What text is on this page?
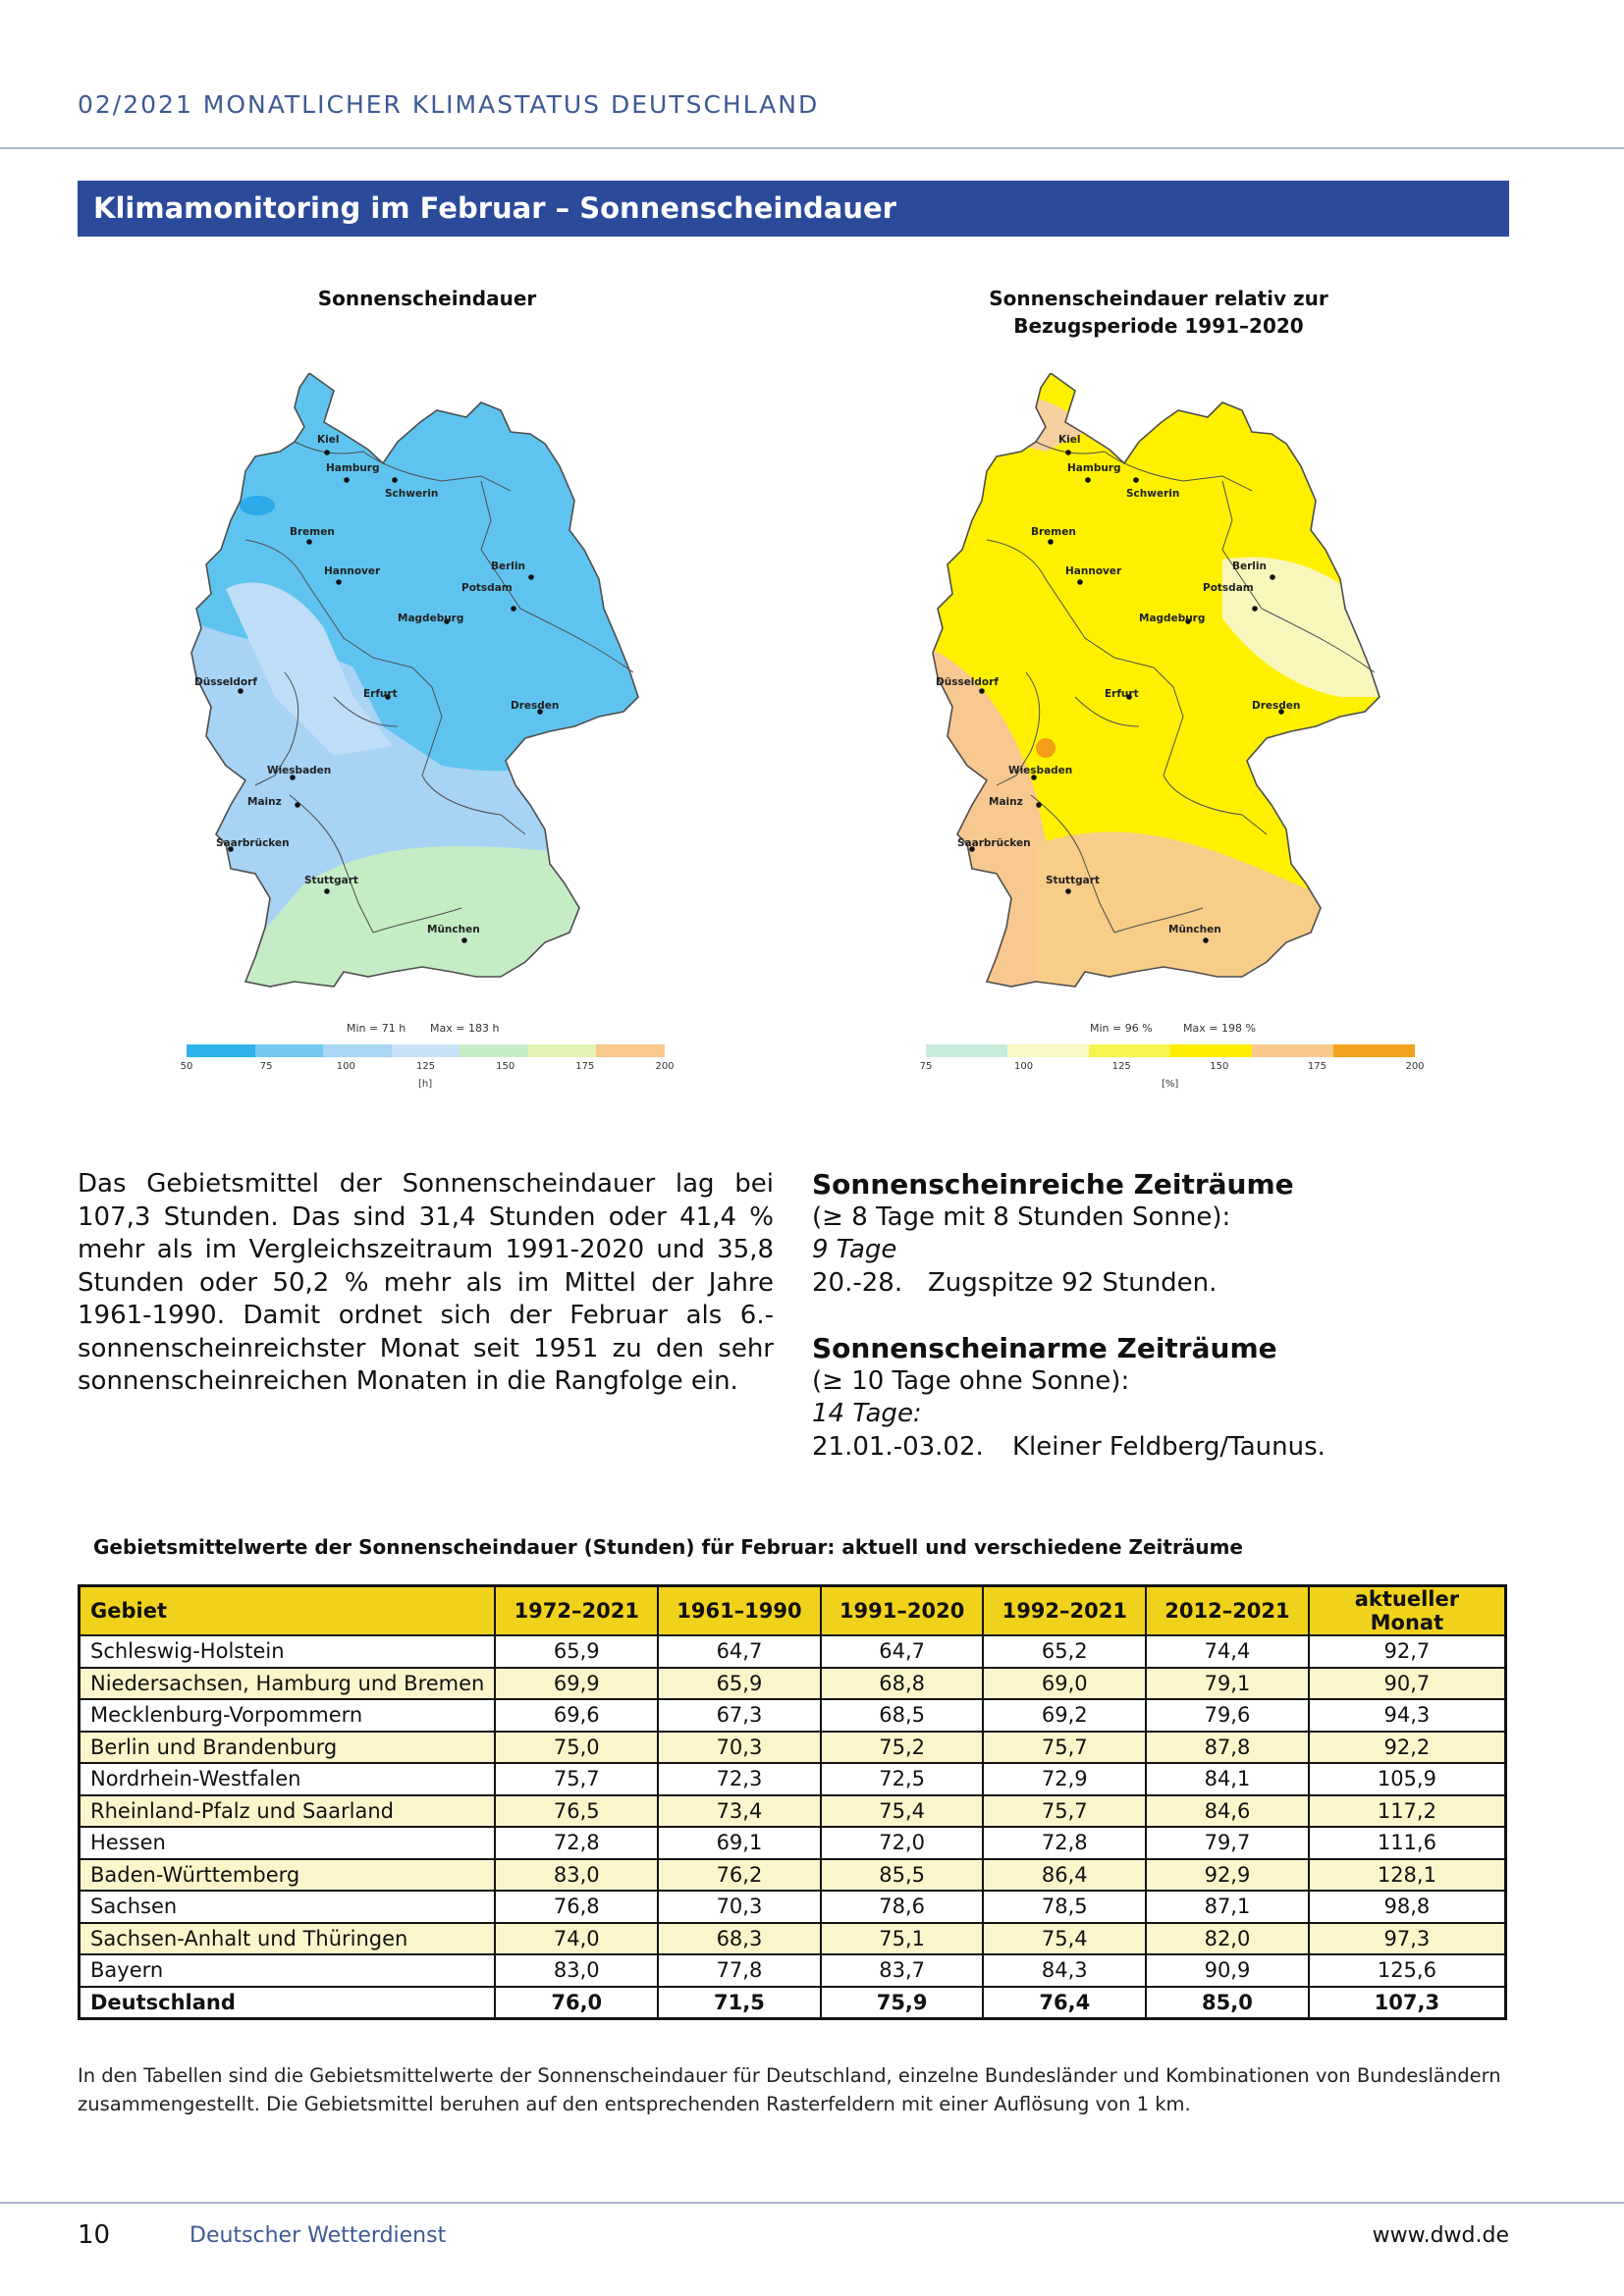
02/2021 MONATLICHER KLIMASTATUS DEUTSCHLAND
Klimamonitoring im Februar – Sonnenscheindauer
Sonnenscheindauer	Sonnenscheindauer relativ zur Bezugsperiode 1991–2020
Kiel
Hamburg
Schwerin
Bremen
Berlin
Hannover
Potsdam
Magdeburg
Düsseldorf
Erfurt
Dresden
Wiesbaden
Mainz
Saarbrücken
Stuttgart
München
Kiel
Hamburg
Schwerin
Bremen
Berlin
Hannover
Potsdam
Magdeburg
Düsseldorf
Erfurt
Dresden
Wiesbaden
Mainz
Saarbrücken
Stuttgart
München
Min = 71 h Max = 183 h	Min = 96 %	Max = 198 %
50	75	100	125	150	175	200
[h]
75	100	125	150	175	200
[%]
Das Gebietsmittel der Sonnenscheindauer lag bei 107,3 Stunden. Das sind 31,4 Stunden oder 41,4 % mehr als im Vergleichszeitraum 1991-2020 und 35,8 Stunden oder 50,2 % mehr als im Mittel der Jahre 1961-1990. Damit ordnet sich der Februar als 6.-sonnenscheinreichster Monat seit 1951 zu den sehr sonnenscheinreichen Monaten in die Rangfolge ein.
Sonnenscheinreiche Zeiträume
(≥ 8 Tage mit 8 Stunden Sonne):
9 Tage
20.-28. Zugspitze 92 Stunden.
Sonnenscheinarme Zeiträume
(≥ 10 Tage ohne Sonne):
14 Tage:
21.01.-03.02. Kleiner Feldberg/Taunus.
Gebietsmittelwerte der Sonnenscheindauer (Stunden) für Februar: aktuell und verschiedene Zeiträume
Gebiet	1972–2021	1961–1990	1991–2020	1992–2021	2012–2021	aktueller Monat
Schleswig-Holstein	65,9	64,7	64,7	65,2	74,4	92,7
Niedersachsen, Hamburg und Bremen	69,9	65,9	68,8	69,0	79,1	90,7
Mecklenburg-Vorpommern	69,6	67,3	68,5	69,2	79,6	94,3
Berlin und Brandenburg	75,0	70,3	75,2	75,7	87,8	92,2
Nordrhein-Westfalen	75,7	72,3	72,5	72,9	84,1	105,9
Rheinland-Pfalz und Saarland	76,5	73,4	75,4	75,7	84,6	117,2
Hessen	72,8	69,1	72,0	72,8	79,7	111,6
Baden-Württemberg	83,0	76,2	85,5	86,4	92,9	128,1
Sachsen	76,8	70,3	78,6	78,5	87,1	98,8
Sachsen-Anhalt und Thüringen	74,0	68,3	75,1	75,4	82,0	97,3
Bayern	83,0	77,8	83,7	84,3	90,9	125,6
Deutschland	76,0	71,5	75,9	76,4	85,0	107,3
In den Tabellen sind die Gebietsmittelwerte der Sonnenscheindauer für Deutschland, einzelne Bundesländer und Kombinationen von Bundesländern zusammengestellt. Die Gebietsmittel beruhen auf den entsprechenden Rasterfeldern mit einer Auflösung von 1 km.
10	Deutscher Wetterdienst	www.dwd.de
